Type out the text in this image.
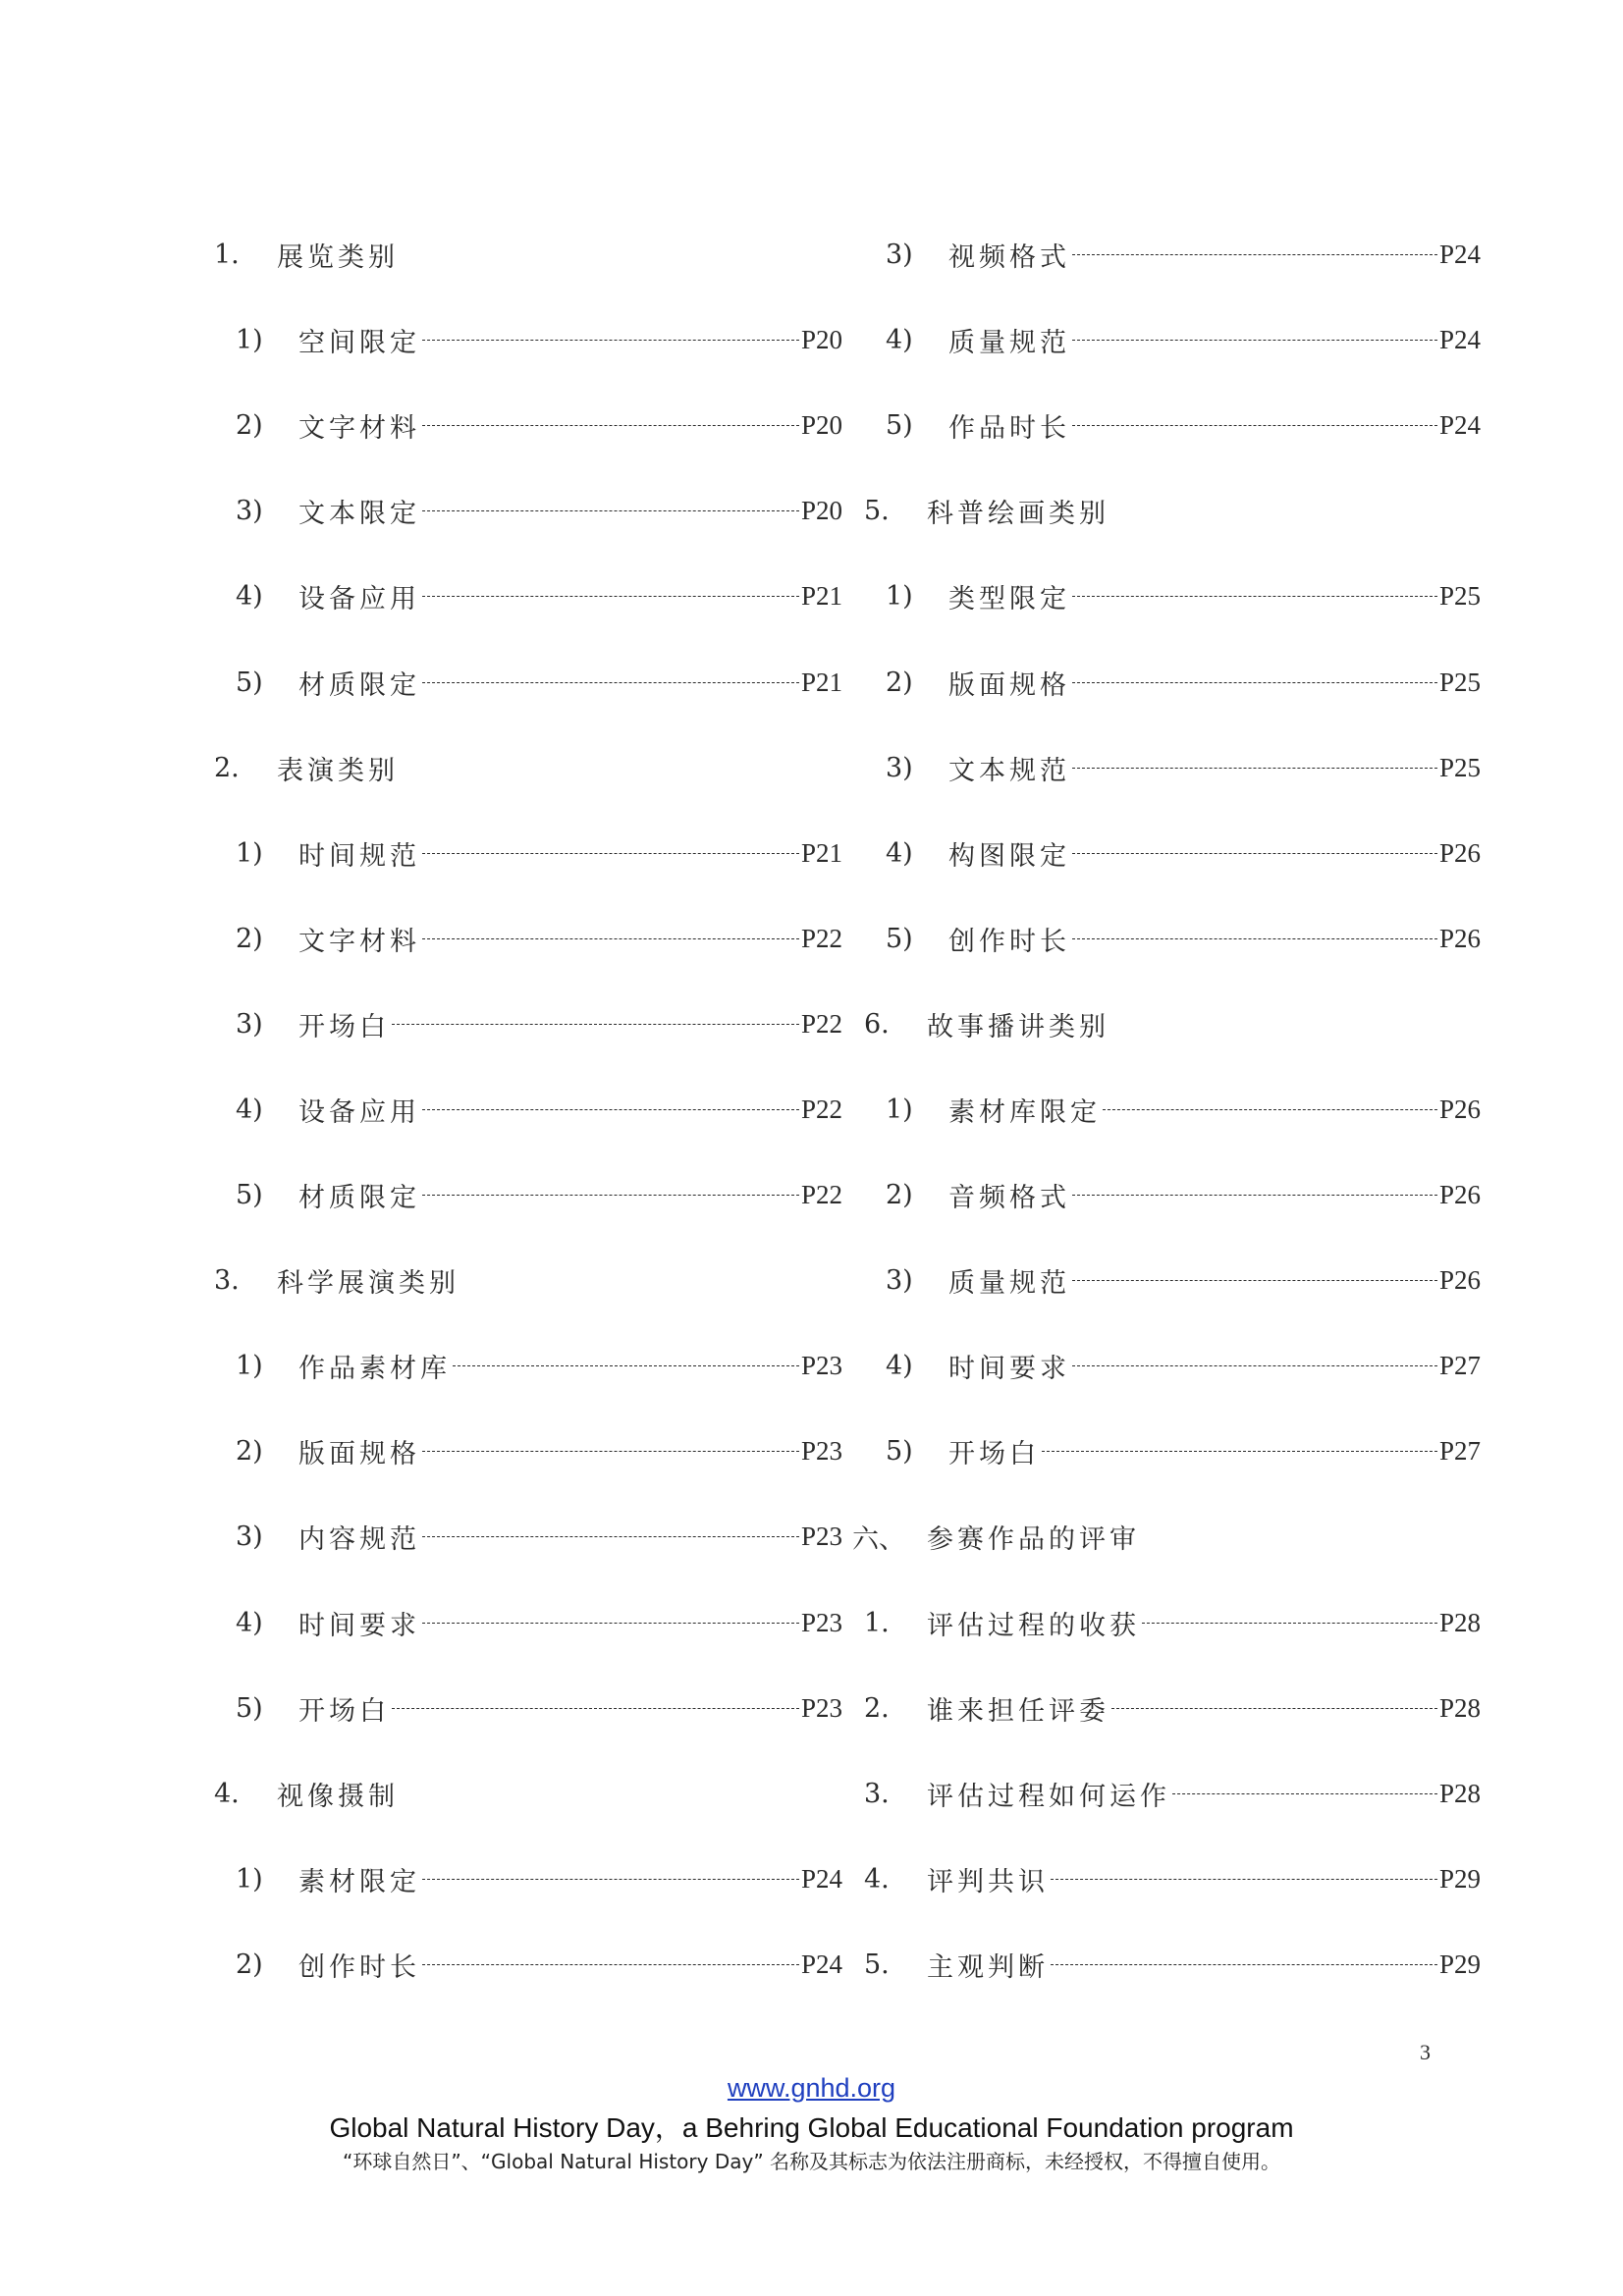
1.	展览类别
1)	空间限定	P20
2)	文字材料	P20
3)	文本限定	P20
4)	设备应用	P21
5)	材质限定	P21
2.	表演类别
1)	时间规范	P21
2)	文字材料	P22
3)	开场白	P22
4)	设备应用	P22
5)	材质限定	P22
3.	科学展演类别
1)	作品素材库	P23
2)	版面规格	P23
3)	内容规范	P23
4)	时间要求	P23
5)	开场白	P23
4.	视像摄制
1)	素材限定	P24
2)	创作时长	P24
3)	视频格式	P24
4)	质量规范	P24
5)	作品时长	P24
5.	科普绘画类别
1)	类型限定	P25
2)	版面规格	P25
3)	文本规范	P25
4)	构图限定	P26
5)	创作时长	P26
6.	故事播讲类别
1)	素材库限定	P26
2)	音频格式	P26
3)	质量规范	P26
4)	时间要求	P27
5)	开场白	P27
六、 参赛作品的评审
1.	评估过程的收获	P28
2.	谁来担任评委	P28
3.	评估过程如何运作	P28
4.	评判共识	P29
5.	主观判断	P29
3
www.gnhd.org
Global Natural History Day，a Behring Global Educational Foundation program
“环球自然日”、“Global Natural History Day” 名称及其标志为依法注册商标，未经授权，不得擅自使用。
